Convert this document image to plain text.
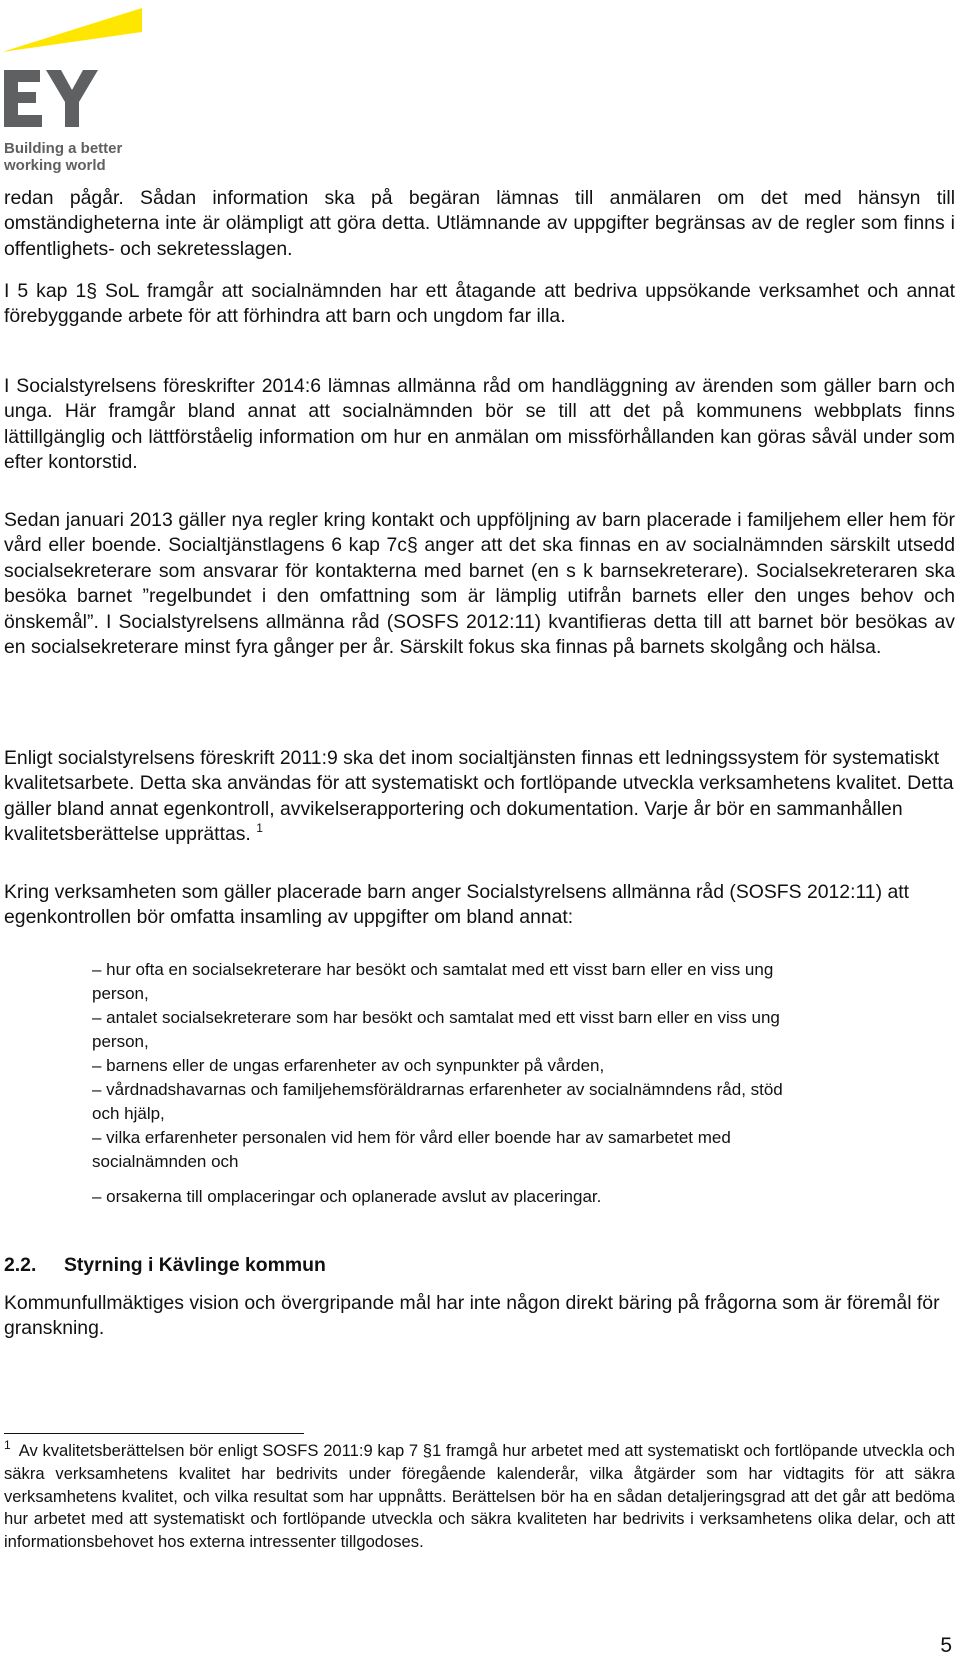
Building a better
working world

redan pågår. Sådan information ska på begäran lämnas till anmälaren om det med hänsyn till omständigheterna inte är olämpligt att göra detta. Utlämnande av uppgifter begränsas av de regler som finns i offentlighets- och sekretesslagen.

I 5 kap 1§ SoL framgår att socialnämnden har ett åtagande att bedriva uppsökande verksamhet och annat förebyggande arbete för att förhindra att barn och ungdom far illa.

I Socialstyrelsens föreskrifter 2014:6 lämnas allmänna råd om handläggning av ärenden som gäller barn och unga. Här framgår bland annat att socialnämnden bör se till att det på kommunens webbplats finns lättillgänglig och lättförståelig information om hur en anmälan om missförhållanden kan göras såväl under som efter kontorstid.

Sedan januari 2013 gäller nya regler kring kontakt och uppföljning av barn placerade i familjehem eller hem för vård eller boende. Socialtjänstlagens 6 kap 7c§ anger att det ska finnas en av socialnämnden särskilt utsedd socialsekreterare som ansvarar för kontakterna med barnet (en s k barnsekreterare). Socialsekreteraren ska besöka barnet ”regelbundet i den omfattning som är lämplig utifrån barnets eller den unges behov och önskemål”. I Socialstyrelsens allmänna råd (SOSFS 2012:11) kvantifieras detta till att barnet bör besökas av en socialsekreterare minst fyra gånger per år. Särskilt fokus ska finnas på barnets skolgång och hälsa.

Enligt socialstyrelsens föreskrift 2011:9 ska det inom socialtjänsten finnas ett ledningssystem för systematiskt kvalitetsarbete. Detta ska användas för att systematiskt och fortlöpande utveckla verksamhetens kvalitet. Detta gäller bland annat egenkontroll, avvikelserapportering och dokumentation. Varje år bör en sammanhållen kvalitetsberättelse upprättas. $^1$

Kring verksamheten som gäller placerade barn anger Socialstyrelsens allmänna råd (SOSFS 2012:11) att egenkontrollen bör omfatta insamling av uppgifter om bland annat:

– hur ofta en socialsekreterare har besökt och samtalat med ett visst barn eller en viss ung person,
– antalet socialsekreterare som har besökt och samtalat med ett visst barn eller en viss ung person,
– barnens eller de ungas erfarenheter av och synpunkter på vården,
– vårdnadshavarnas och familjehemsföräldrarnas erfarenheter av socialnämndens råd, stöd och hjälp,
– vilka erfarenheter personalen vid hem för vård eller boende har av samarbetet med socialnämnden och
– orsakerna till omplaceringar och oplanerade avslut av placeringar.
2.2. Styrning i Kävlinge kommun

Kommunfullmäktiges vision och övergripande mål har inte någon direkt bäring på frågorna som är föremål för granskning.

$^1$ Av kvalitetsberättelsen bör enligt SOSFS 2011:9 kap 7 §1 framgå hur arbetet med att systematiskt och fortlöpande utveckla och säkra verksamhetens kvalitet har bedrivits under föregående kalenderår, vilka åtgärder som har vidtagits för att säkra verksamhetens kvalitet, och vilka resultat som har uppnåtts. Berättelsen bör ha en sådan detaljeringsgrad att det går att bedöma hur arbetet med att systematiskt och fortlöpande utveckla och säkra kvaliteten har bedrivits i verksamhetens olika delar, och att informationsbehovet hos externa intressenter tillgodoses.

5
